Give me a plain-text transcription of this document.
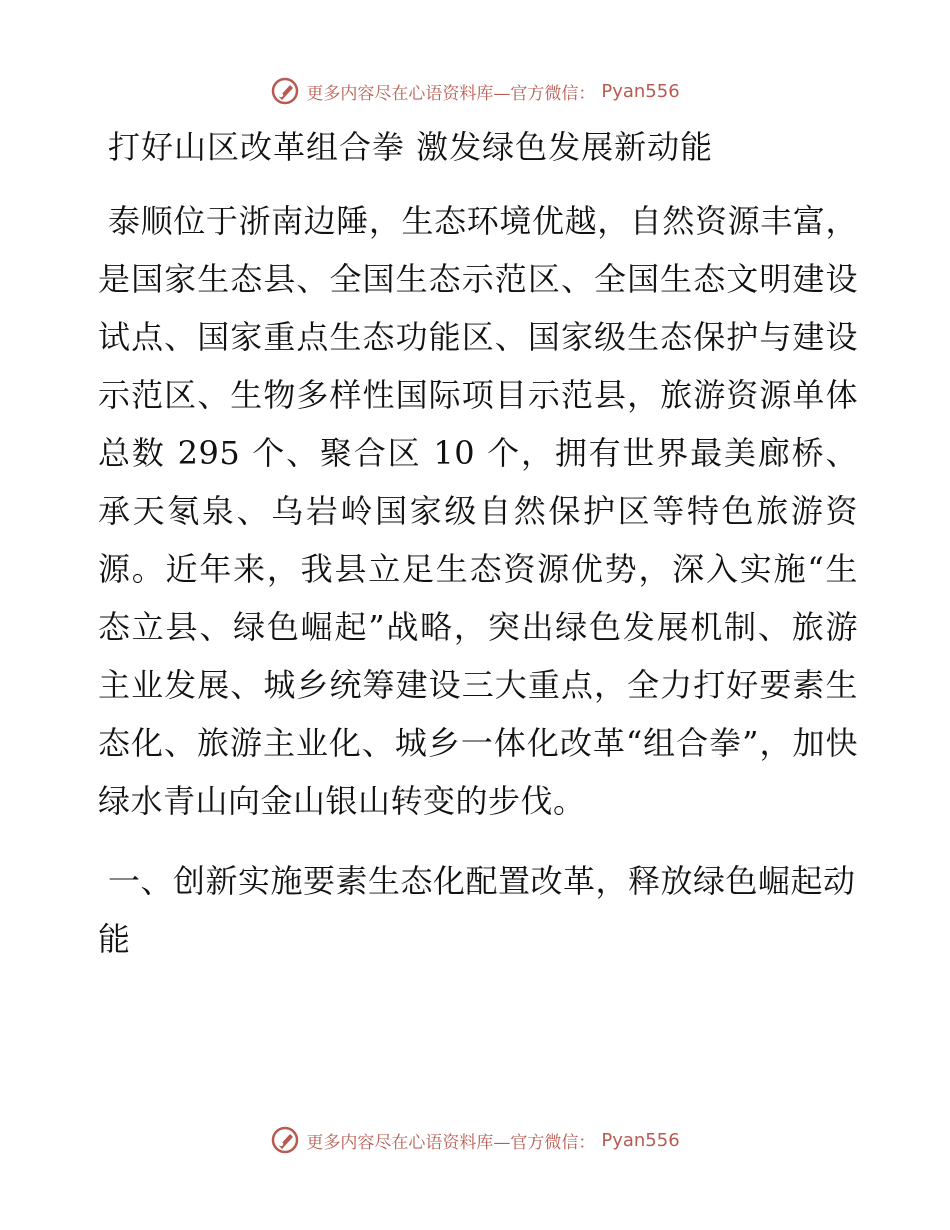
更多内容尽在心语资料库—官方微信： Pyan556
打好山区改革组合拳 激发绿色发展新动能

泰顺位于浙南边陲，生态环境优越，自然资源丰富，是国家生态县、全国生态示范区、全国生态文明建设试点、国家重点生态功能区、国家级生态保护与建设示范区、生物多样性国际项目示范县，旅游资源单体总数 295 个、聚合区 10 个，拥有世界最美廊桥、承天氡泉、乌岩岭国家级自然保护区等特色旅游资源。近年来，我县立足生态资源优势，深入实施“生态立县、绿色崛起”战略，突出绿色发展机制、旅游主业发展、城乡统筹建设三大重点，全力打好要素生态化、旅游主业化、城乡一体化改革“组合拳”，加快绿水青山向金山银山转变的步伐。

一、创新实施要素生态化配置改革，释放绿色崛起动能
更多内容尽在心语资料库—官方微信： Pyan556
